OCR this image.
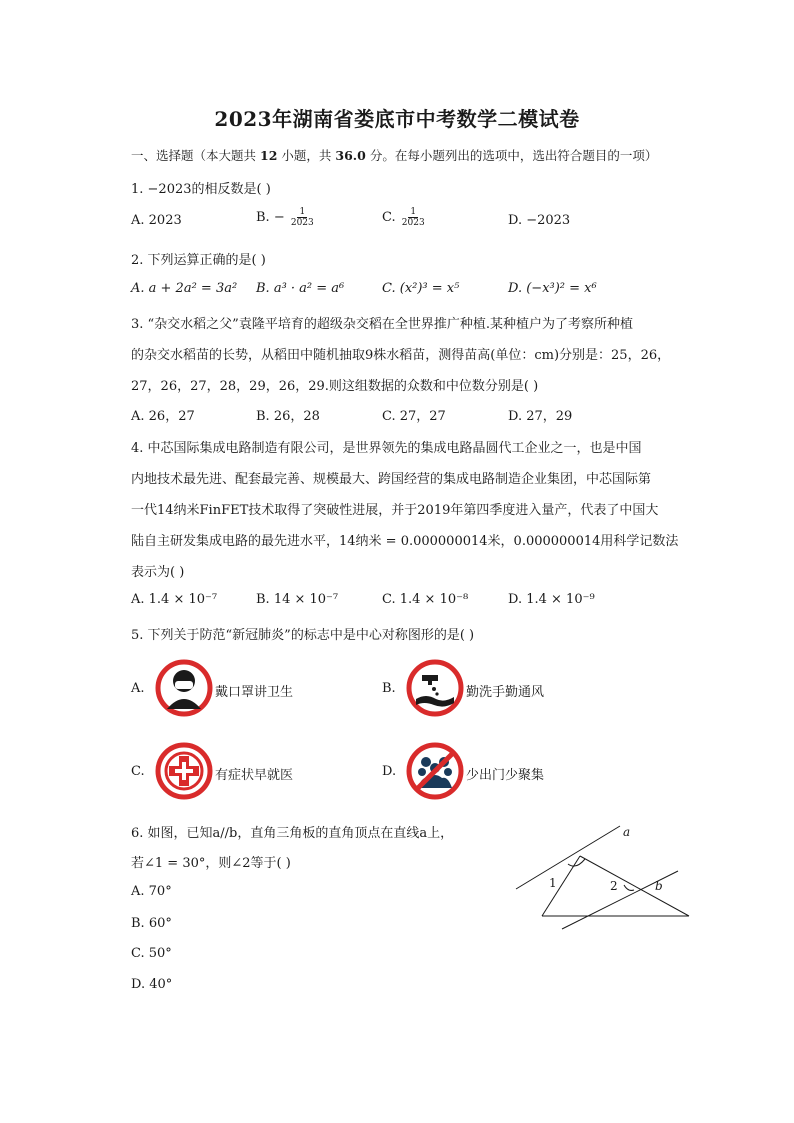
2023年湖南省娄底市中考数学二模试卷
一、选择题（本大题共 12 小题，共 36.0 分。在每小题列出的选项中，选出符合题目的一项）
1. −2023的相反数是( )
A. 2023	B. − $\frac{1}{2023}$	C. $\frac{1}{2023}$	D. −2023
2. 下列运算正确的是( )
A. a + 2a² = 3a² B. a³ · a² = a⁶	C. (x²)³ = x⁵	D. (−x³)² = x⁶
3. “杂交水稻之父”袁隆平培育的超级杂交稻在全世界推广种植.某种植户为了考察所种植
的杂交水稻苗的长势，从稻田中随机抽取9株水稻苗，测得苗高(单位：cm)分别是：25，26，
27，26，27，28，29，26，29.则这组数据的众数和中位数分别是( )
A. 26，27	B. 26，28	C. 27，27	D. 27，29
4. 中芯国际集成电路制造有限公司，是世界领先的集成电路晶圆代工企业之一，也是中国
内地技术最先进、配套最完善、规模最大、跨国经营的集成电路制造企业集团，中芯国际第
一代14纳米FinFET技术取得了突破性进展，并于2019年第四季度进入量产，代表了中国大
陆自主研发集成电路的最先进水平，14纳米 = 0.000000014米，0.000000014用科学记数法
表示为( )
A. 1.4 × 10⁻⁷	B. 14 × 10⁻⁷	C. 1.4 × 10⁻⁸	D. 1.4 × 10⁻⁹
5. 下列关于防范“新冠肺炎”的标志中是中心对称图形的是( )
A.	戴口罩讲卫生	B.	勤洗手勤通风
C.	有症状早就医	D.	少出门少聚集
6. 如图，已知a//b，直角三角板的直角顶点在直线a上，
若∠1 = 30°，则∠2等于( )
A. 70°
B. 60°
C. 50°
D. 40°
a
b
1	2
